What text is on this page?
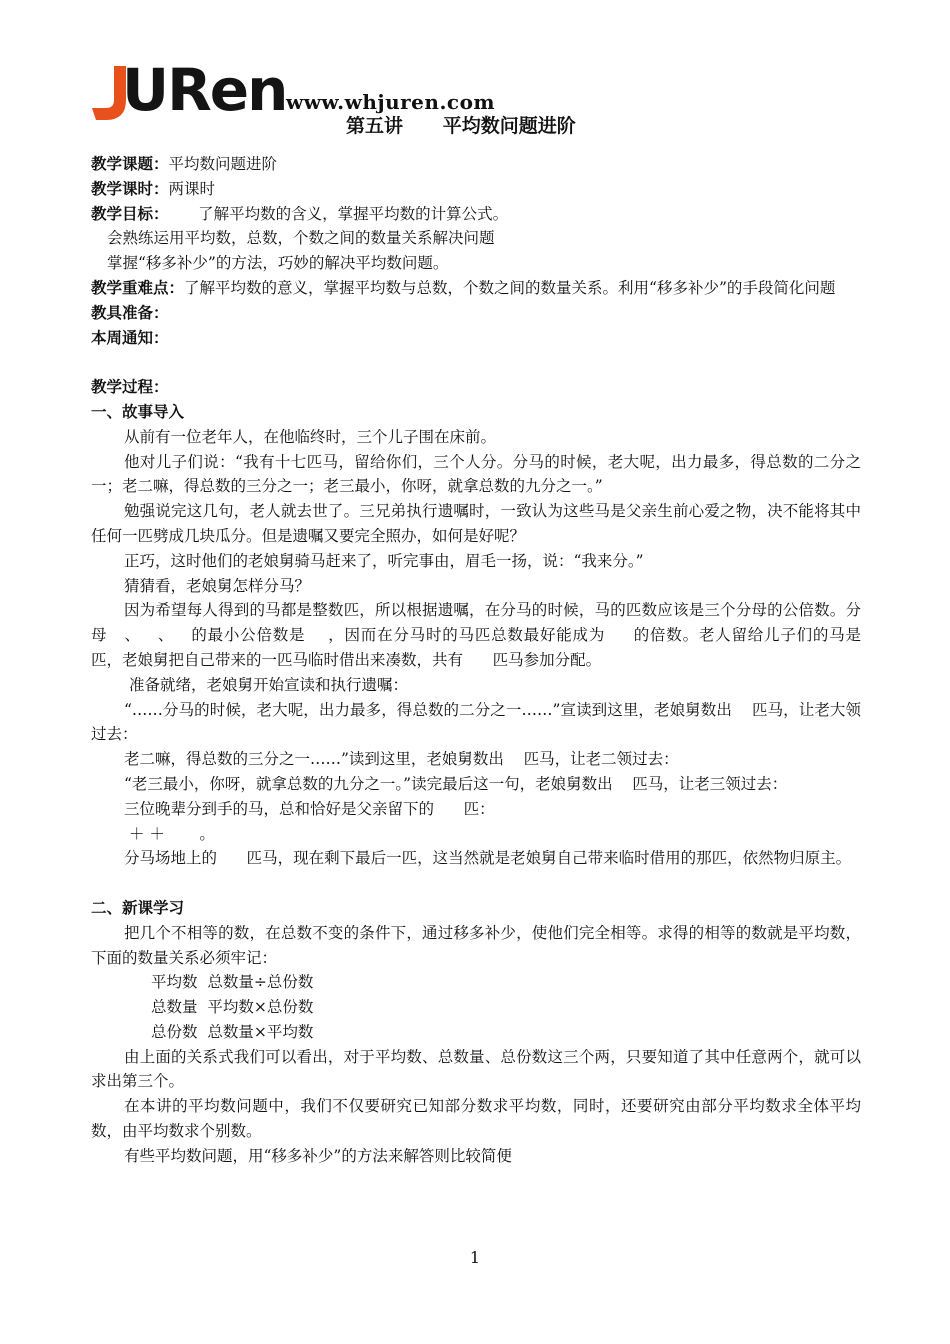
URen www.whjuren.com
第五讲      平均数问题进阶

教学课题：平均数问题进阶

教学课时：两课时

教学目标：      了解平均数的含义，掌握平均数的计算公式。

会熟练运用平均数，总数，个数之间的数量关系解决问题

掌握“移多补少”的方法，巧妙的解决平均数问题。

教学重难点：了解平均数的意义，掌握平均数与总数，个数之间的数量关系。利用“移多补少”的手段简化问题

教具准备：

本周通知：

教学过程：

一、故事导入

从前有一位老年人，在他临终时，三个儿子围在床前。

他对儿子们说：“我有十七匹马，留给你们，三个人分。分马的时候，老大呢，出力最多，得总数的二分之一；老二嘛，得总数的三分之一；老三最小，你呀，就拿总数的九分之一。”

勉强说完这几句，老人就去世了。三兄弟执行遗嘱时，一致认为这些马是父亲生前心爱之物，决不能将其中任何一匹劈成几块瓜分。但是遗嘱又要完全照办，如何是好呢？

正巧，这时他们的老娘舅骑马赶来了，听完事由，眉毛一扬，说：“我来分。”

猜猜看，老娘舅怎样分马？

因为希望每人得到的马都是整数匹，所以根据遗嘱，在分马的时候，马的匹数应该是三个分母的公倍数。分母   、   、   的最小公倍数是    ，因而在分马时的马匹总数最好能成为     的倍数。老人留给儿子们的马是      匹，老娘舅把自己带来的一匹马临时借出来凑数，共有      匹马参加分配。

准备就绪，老娘舅开始宣读和执行遗嘱：

“……分马的时候，老大呢，出力最多，得总数的二分之一……”宣读到这里，老娘舅数出    匹马，让老大领过去：

老二嘛，得总数的三分之一……”读到这里，老娘舅数出    匹马，让老二领过去：

“老三最小，你呀，就拿总数的九分之一。”读完最后这一句，老娘舅数出    匹马，让老三领过去：

三位晚辈分到手的马，总和恰好是父亲留下的      匹：

＋ ＋       。

分马场地上的      匹马，现在剩下最后一匹，这当然就是老娘舅自己带来临时借用的那匹，依然物归原主。

二、新课学习

把几个不相等的数，在总数不变的条件下，通过移多补少，使他们完全相等。求得的相等的数就是平均数，下面的数量关系必须牢记：

平均数  总数量÷总份数

总数量  平均数×总份数

总份数  总数量×平均数

由上面的关系式我们可以看出，对于平均数、总数量、总份数这三个两，只要知道了其中任意两个，就可以求出第三个。

在本讲的平均数问题中，我们不仅要研究已知部分数求平均数，同时，还要研究由部分平均数求全体平均数，由平均数求个别数。

有些平均数问题，用“移多补少”的方法来解答则比较简便

1
